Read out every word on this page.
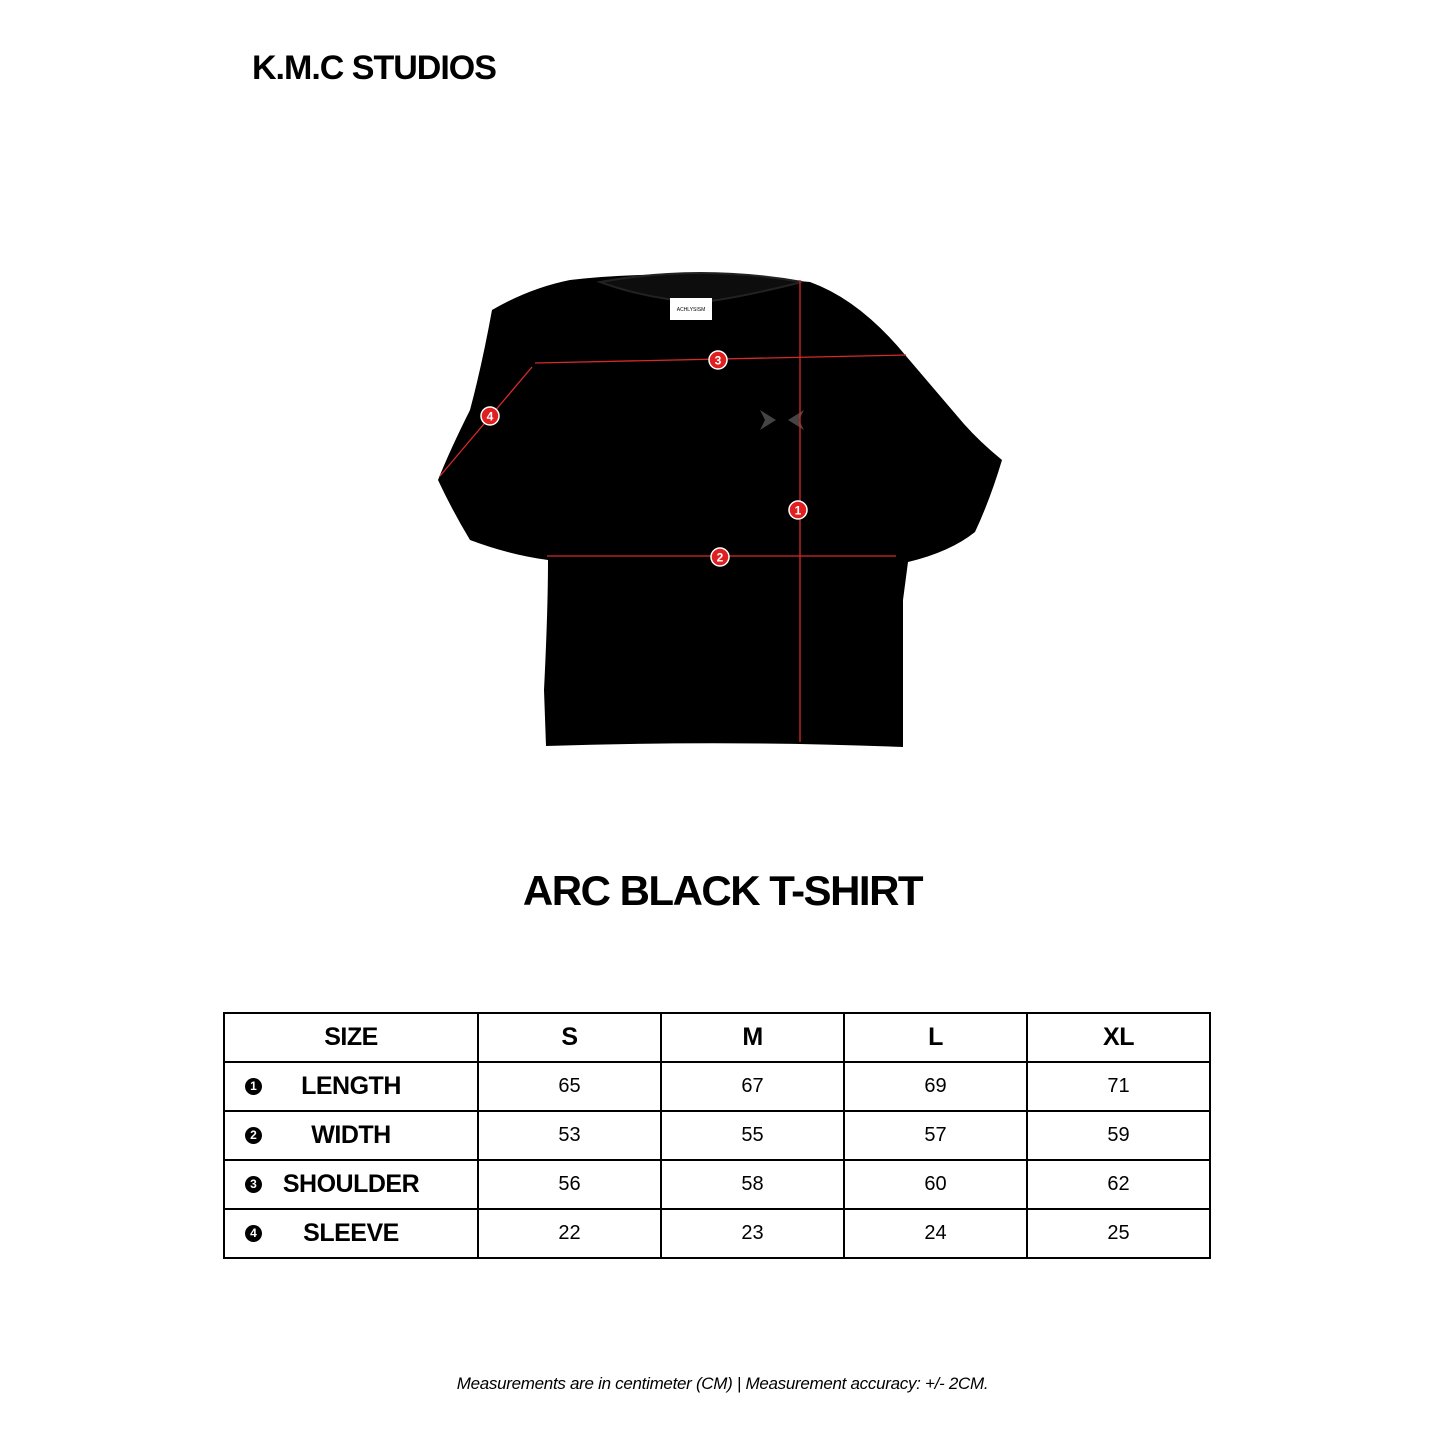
K.M.C STUDIOS
ACHLYSISM
1
2
3
4
ARC BLACK T-SHIRT
SIZE	S	M	L	XL

1 LENGTH	65	67	69	71

2 WIDTH	53	55	57	59

3 SHOULDER	56	58	60	62

4 SLEEVE	22	23	24	25
Measurements are in centimeter (CM) | Measurement accuracy: +/- 2CM.
